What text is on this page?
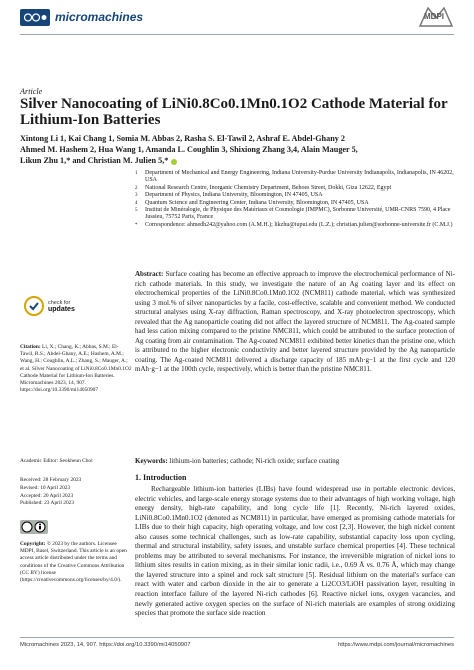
micromachines	MDPI
Article
Silver Nanocoating of LiNi0.8Co0.1Mn0.1O2 Cathode Material for Lithium-Ion Batteries
Xintong Li 1, Kai Chang 1, Somia M. Abbas 2, Rasha S. El-Tawil 2, Ashraf E. Abdel-Ghany 2
Ahmed M. Hashem 2, Hua Wang 1, Amanda L. Coughlin 3, Shixiong Zhang 3,4, Alain Mauger 5,
Likun Zhu 1,* and Christian M. Julien 5,*
1 Department of Mechanical and Energy Engineering, Indiana University-Purdue University Indianapolis, Indianapolis, IN 46202, USA
2 National Research Centre, Inorganic Chemistry Department, Behoes Street, Dokki, Giza 12622, Egypt
3 Department of Physics, Indiana University, Bloomington, IN 47405, USA
4 Quantum Science and Engineering Center, Indiana University, Bloomington, IN 47405, USA
5 Institut de Minéralogie, de Physique des Matériaux et Cosmologie (IMPMC), Sorbonne Université, UMR-CNRS 7590, 4 Place Jussieu, 75752 Paris, France
* Correspondence: ahmedh242@yahoo.com (A.M.H.); likzhu@iupui.edu (L.Z.); christian.julien@sorbonne-universite.fr (C.M.J.)
Abstract: Surface coating has become an effective approach to improve the electrochemical performance of Ni-rich cathode materials. In this study, we investigate the nature of an Ag coating layer and its effect on electrochemical properties of the LiNi0.8Co0.1Mn0.1O2 (NCM811) cathode material, which was synthesized using 3 mol.% of silver nanoparticles by a facile, cost-effective, scalable and convenient method. We conducted structural analyses using X-ray diffraction, Raman spectroscopy, and X-ray photoelectron spectroscopy, which revealed that the Ag nanoparticle coating did not affect the layered structure of NCM811. The Ag-coated sample had less cation mixing compared to the pristine NMC811, which could be attributed to the surface protection of Ag coating from air contamination. The Ag-coated NCM811 exhibited better kinetics than the pristine one, which is attributed to the higher electronic conductivity and better layered structure provided by the Ag nanoparticle coating. The Ag-coated NCM811 delivered a discharge capacity of 185 mAh·g−1 at the first cycle and 120 mAh·g−1 at the 100th cycle, respectively, which is better than the pristine NMC811.
Keywords: lithium-ion batteries; cathode; Ni-rich oxide; surface coating
check for
updates
Citation: Li, X.; Chang, K.; Abbas, S.M.; El-Tawil, R.S.; Abdel-Ghany, A.E.; Hashem, A.M.; Wang, H.; Coughlin, A.L.; Zhang, S.; Mauger, A.; et al. Silver Nanocoating of LiNi0.8Co0.1Mn0.1O2 Cathode Material for Lithium-Ion Batteries. Micromachines 2023, 14, 907. https://doi.org/10.3390/mi14050907
Academic Editor: Seokheun Choi
Received: 28 February 2023
Revised: 10 April 2023
Accepted: 20 April 2023
Published: 23 April 2023
Copyright: © 2023 by the authors. Licensee MDPI, Basel, Switzerland. This article is an open access article distributed under the terms and conditions of the Creative Commons Attribution (CC BY) license (https://creativecommons.org/licenses/by/4.0/).
1. Introduction
Rechargeable lithium-ion batteries (LIBs) have found widespread use in portable electronic devices, electric vehicles, and large-scale energy storage systems due to their advantages of high working voltage, high energy density, high-rate capability, and long cycle life [1]. Recently, Ni-rich layered oxides, LiNi0.8Co0.1Mn0.1O2 (denoted as NCM811) in particular, have emerged as promising cathode materials for LIBs due to their high capacity, high operating voltage, and low cost [2,3]. However, the high nickel content also causes some technical challenges, such as low-rate capability, substantial capacity loss upon cycling, thermal and structural instability, safety issues, and unstable surface chemical properties [4]. These technical problems may be attributed to several mechanisms. For instance, the irreversible migration of nickel ions to lithium sites results in cation mixing, as in their similar ionic radii, i.e., 0.69 Å vs. 0.76 Å, which may change the layered structure into a spinel and rock salt structure [5]. Residual lithium on the material's surface can react with water and carbon dioxide in the air to generate a Li2CO3/LiOH passivation layer, resulting in reaction interface failure of the layered Ni-rich cathodes [6]. Reactive nickel ions, oxygen vacancies, and newly generated active oxygen species on the surface of Ni-rich materials are examples of strong oxidizing species that promote the surface side reaction
Micromachines 2023, 14, 907. https://doi.org/10.3390/mi14050907	https://www.mdpi.com/journal/micromachines
